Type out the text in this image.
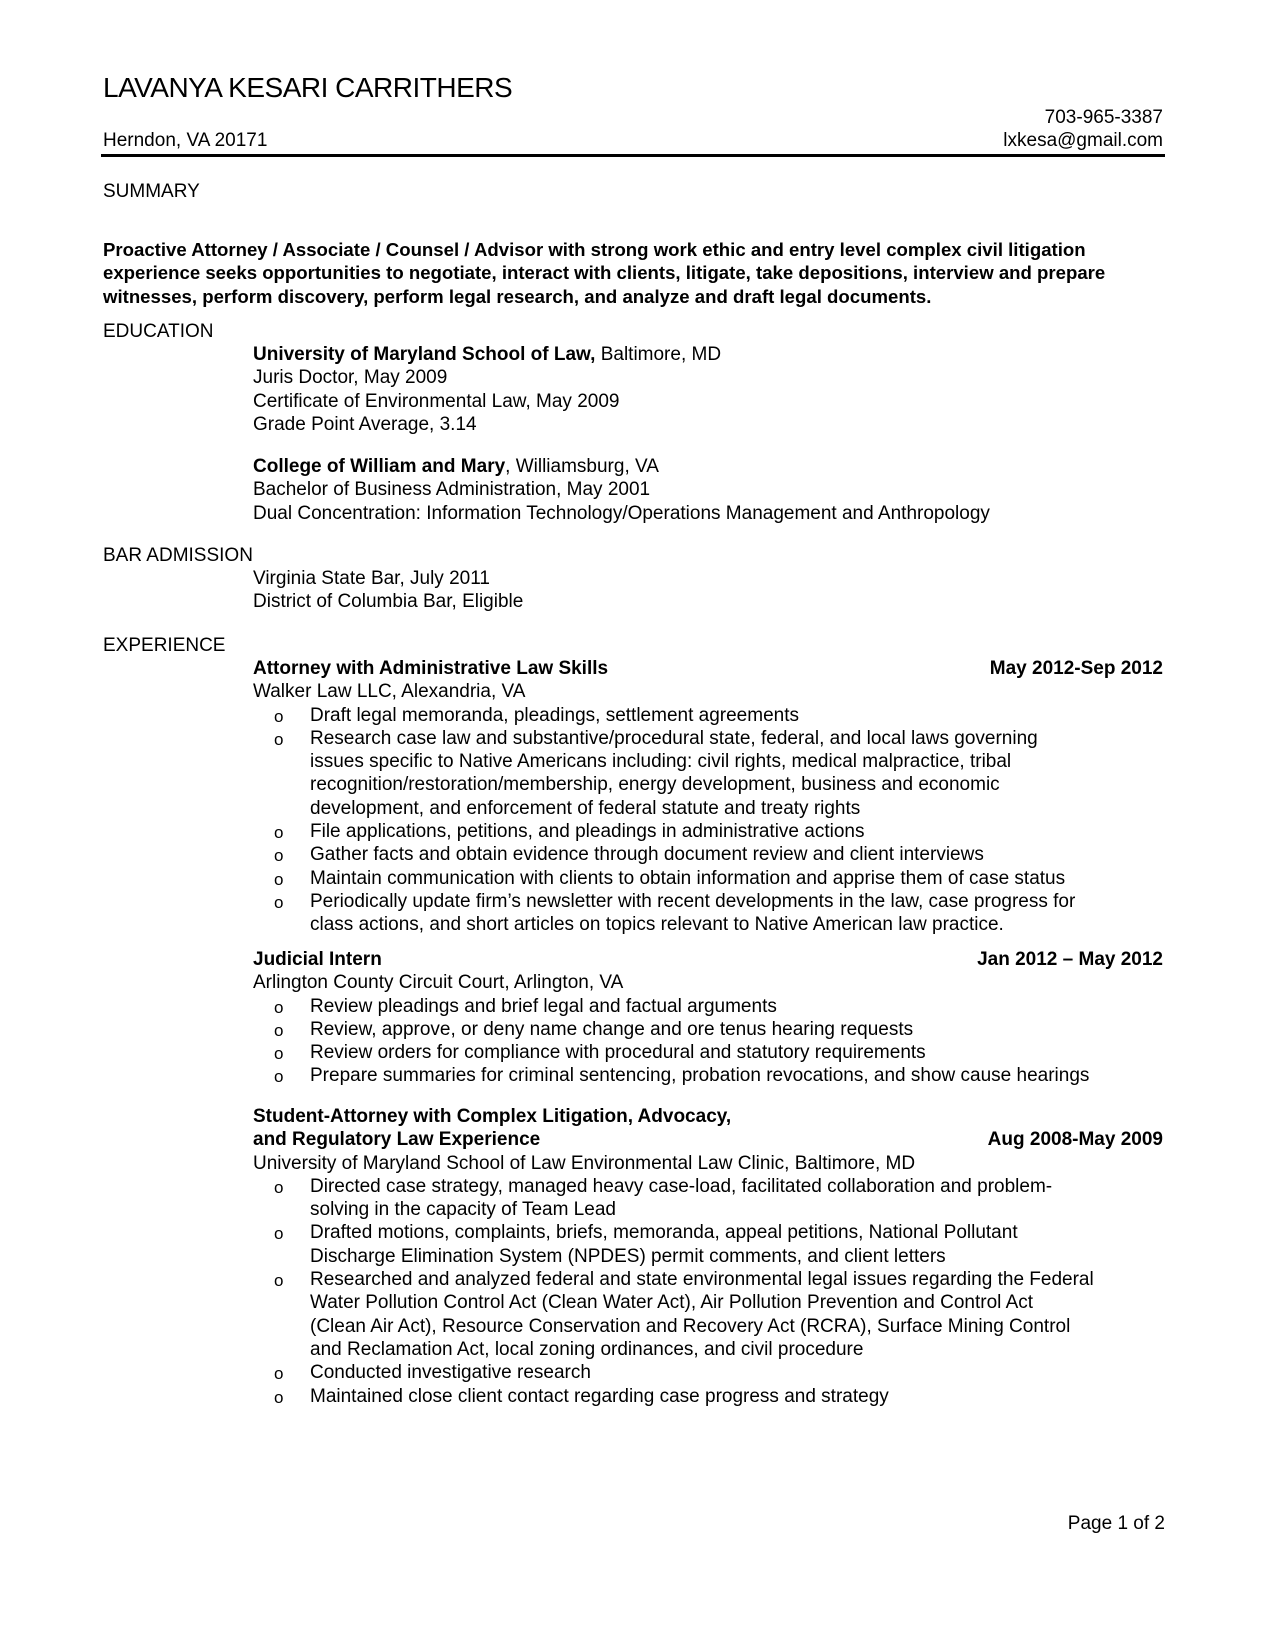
LAVANYA KESARI CARRITHERS
703-965-3387
lxkesa@gmail.com
Herndon, VA 20171
SUMMARY
Proactive Attorney / Associate / Counsel / Advisor with strong work ethic and entry level complex civil litigation experience seeks opportunities to negotiate, interact with clients, litigate, take depositions, interview and prepare witnesses, perform discovery, perform legal research, and analyze and draft legal documents.
EDUCATION
University of Maryland School of Law, Baltimore, MD
Juris Doctor, May 2009
Certificate of Environmental Law, May 2009
Grade Point Average, 3.14
College of William and Mary, Williamsburg, VA
Bachelor of Business Administration, May 2001
Dual Concentration: Information Technology/Operations Management and Anthropology
BAR ADMISSION
Virginia State Bar, July 2011
District of Columbia Bar, Eligible
EXPERIENCE
Attorney with Administrative Law Skills	May 2012-Sep 2012
Walker Law LLC, Alexandria, VA
o Draft legal memoranda, pleadings, settlement agreements
o Research case law and substantive/procedural state, federal, and local laws governing
issues specific to Native Americans including: civil rights, medical malpractice, tribal
recognition/restoration/membership, energy development, business and economic
development, and enforcement of federal statute and treaty rights
o File applications, petitions, and pleadings in administrative actions
o Gather facts and obtain evidence through document review and client interviews
o Maintain communication with clients to obtain information and apprise them of case status
o Periodically update firm’s newsletter with recent developments in the law, case progress for
class actions, and short articles on topics relevant to Native American law practice.
Judicial Intern	Jan 2012 – May 2012
Arlington County Circuit Court, Arlington, VA
o Review pleadings and brief legal and factual arguments
o Review, approve, or deny name change and ore tenus hearing requests
o Review orders for compliance with procedural and statutory requirements
o Prepare summaries for criminal sentencing, probation revocations, and show cause hearings
Student-Attorney with Complex Litigation, Advocacy,
and Regulatory Law Experience	Aug 2008-May 2009
University of Maryland School of Law Environmental Law Clinic, Baltimore, MD
o Directed case strategy, managed heavy case-load, facilitated collaboration and problem-
solving in the capacity of Team Lead
o Drafted motions, complaints, briefs, memoranda, appeal petitions, National Pollutant
Discharge Elimination System (NPDES) permit comments, and client letters
o Researched and analyzed federal and state environmental legal issues regarding the Federal
Water Pollution Control Act (Clean Water Act), Air Pollution Prevention and Control Act
(Clean Air Act), Resource Conservation and Recovery Act (RCRA), Surface Mining Control
and Reclamation Act, local zoning ordinances, and civil procedure
o Conducted investigative research
o Maintained close client contact regarding case progress and strategy
Page 1 of 2
